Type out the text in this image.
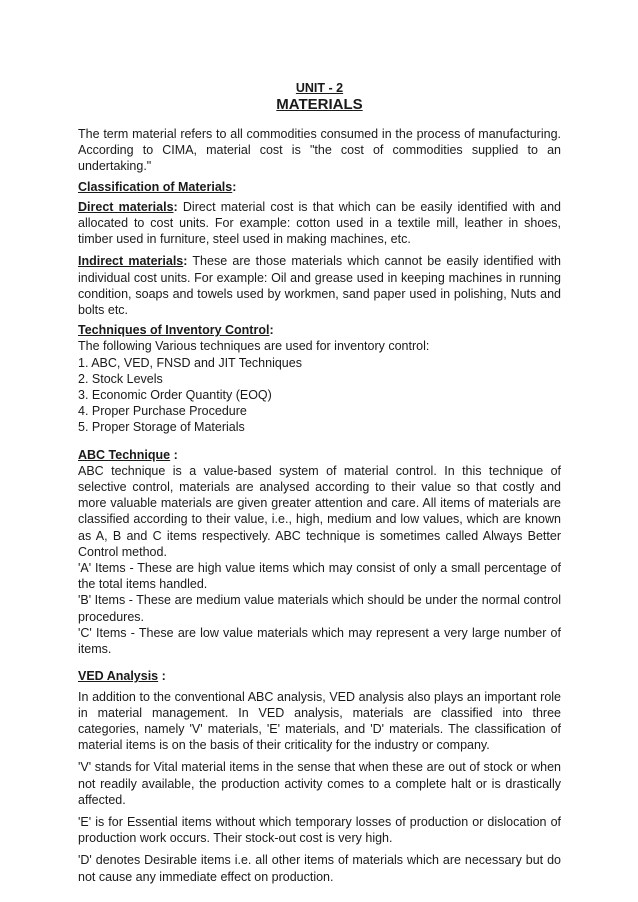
UNIT - 2

MATERIALS

The term material refers to all commodities consumed in the process of manufacturing. According to CIMA, material cost is "the cost of commodities supplied to an undertaking."

Classification of Materials:

Direct materials: Direct material cost is that which can be easily identified with and allocated to cost units. For example: cotton used in a textile mill, leather in shoes, timber used in furniture, steel used in making machines, etc.

Indirect materials: These are those materials which cannot be easily identified with individual cost units. For example: Oil and grease used in keeping machines in running condition, soaps and towels used by workmen, sand paper used in polishing, Nuts and bolts etc.

Techniques of Inventory Control:

The following Various techniques are used for inventory control:

1. ABC, VED, FNSD and JIT Techniques
2. Stock Levels
3. Economic Order Quantity (EOQ)
4. Proper Purchase Procedure
5. Proper Storage of Materials

ABC Technique :

ABC technique is a value-based system of material control. In this technique of selective control, materials are analysed according to their value so that costly and more valuable materials are given greater attention and care. All items of materials are classified according to their value, i.e., high, medium and low values, which are known as A, B and C items respectively. ABC technique is sometimes called Always Better Control method.

'A' Items - These are high value items which may consist of only a small percentage of the total items handled.

'B' Items - These are medium value materials which should be under the normal control procedures.

'C' Items - These are low value materials which may represent a very large number of items.

VED Analysis :

In addition to the conventional ABC analysis, VED analysis also plays an important role in material management. In VED analysis, materials are classified into three categories, namely 'V' materials, 'E' materials, and 'D' materials. The classification of material items is on the basis of their criticality for the industry or company.

'V' stands for Vital material items in the sense that when these are out of stock or when not readily available, the production activity comes to a complete halt or is drastically affected.

'E' is for Essential items without which temporary losses of production or dislocation of production work occurs. Their stock-out cost is very high.

'D' denotes Desirable items i.e. all other items of materials which are necessary but do not cause any immediate effect on production.
